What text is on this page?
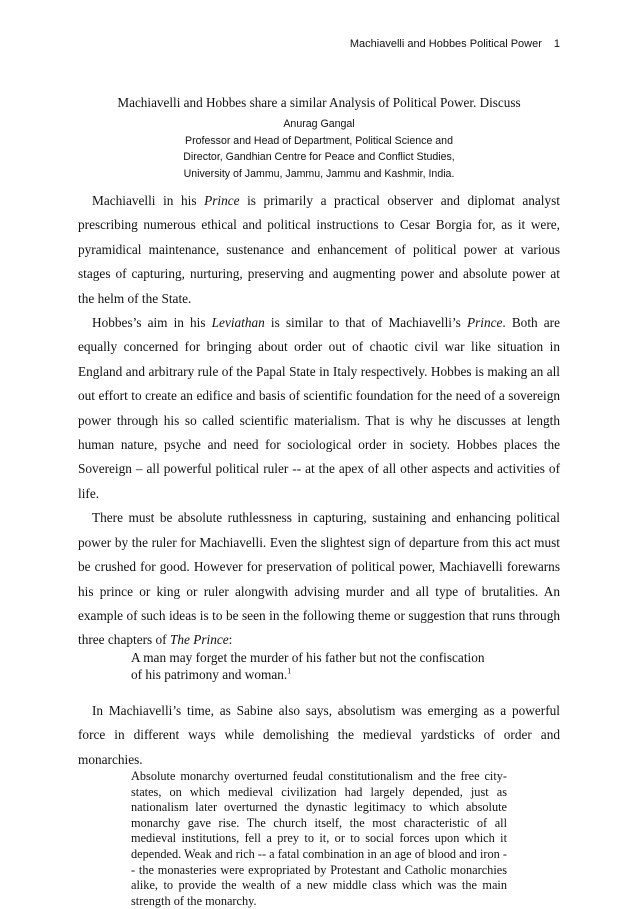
Machiavelli and Hobbes Political Power 1
Machiavelli and Hobbes share a similar Analysis of Political Power. Discuss
Anurag Gangal
Professor and Head of Department, Political Science and
Director, Gandhian Centre for Peace and Conflict Studies,
University of Jammu, Jammu, Jammu and Kashmir, India.

Machiavelli in his Prince is primarily a practical observer and diplomat analyst prescribing numerous ethical and political instructions to Cesar Borgia for, as it were, pyramidical maintenance, sustenance and enhancement of political power at various stages of capturing, nurturing, preserving and augmenting power and absolute power at the helm of the State.

Hobbes’s aim in his Leviathan is similar to that of Machiavelli’s Prince. Both are equally concerned for bringing about order out of chaotic civil war like situation in England and arbitrary rule of the Papal State in Italy respectively. Hobbes is making an all out effort to create an edifice and basis of scientific foundation for the need of a sovereign power through his so called scientific materialism. That is why he discusses at length human nature, psyche and need for sociological order in society. Hobbes places the Sovereign – all powerful political ruler -- at the apex of all other aspects and activities of life.

There must be absolute ruthlessness in capturing, sustaining and enhancing political power by the ruler for Machiavelli. Even the slightest sign of departure from this act must be crushed for good. However for preservation of political power, Machiavelli forewarns his prince or king or ruler alongwith advising murder and all type of brutalities. An example of such ideas is to be seen in the following theme or suggestion that runs through three chapters of The Prince:

A man may forget the murder of his father but not the confiscation
of his patrimony and woman.$^1$

In Machiavelli’s time, as Sabine also says, absolutism was emerging as a powerful force in different ways while demolishing the medieval yardsticks of order and monarchies.

Absolute monarchy overturned feudal constitutionalism and the free city-states, on which medieval civilization had largely depended, just as nationalism later overturned the dynastic legitimacy to which absolute monarchy gave rise. The church itself, the most characteristic of all medieval institutions, fell a prey to it, or to social forces upon which it depended. Weak and rich -- a fatal combination in an age of blood and iron -- the monasteries were expropriated by Protestant and Catholic monarchies alike, to provide the wealth of a new middle class which was the main strength of the monarchy.
